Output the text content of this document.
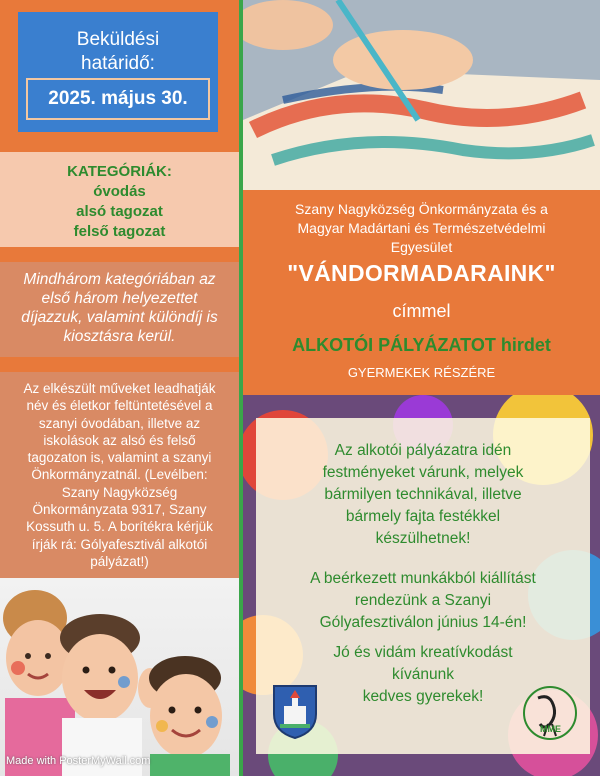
Beküldési
határidő:
2025. május 30.
KATEGÓRIÁK:
óvodás
alsó tagozat
felső tagozat
Mindhárom kategóriában az
első három helyezettet
díjazzuk, valamint különdíj is
kiosztásra kerül.
Az elkészült műveket leadhatják
név és életkor feltüntetésével a
szanyi óvodában, illetve az
iskolások az alsó és felső
tagozaton is, valamint a szanyi
Önkormányzatnál. (Levélben:
Szany Nagyközség
Önkormányzata 9317, Szany
Kossuth u. 5. A borítékra kérjük
írják rá: Gólyafesztivál alkotói
pályázat!)
Made with PosterMyWall.com
Szany Nagyközség Önkormányzata és a
Magyar Madártani és Természetvédelmi
Egyesület
"VÁNDORMADARAINK"
címmel
ALKOTÓI PÁLYÁZATOT hirdet
GYERMEKEK RÉSZÉRE
Az alkotói pályázatra idén
festményeket várunk, melyek
bármilyen technikával, illetve
bármely fajta festékkel
készülhetnek!
A beérkezett munkákból kiállítást
rendezünk a Szanyi
Gólyafesztiválon június 14-én!
Jó és vidám kreatívkodást
kívánunk
kedves gyerekek!
MME
